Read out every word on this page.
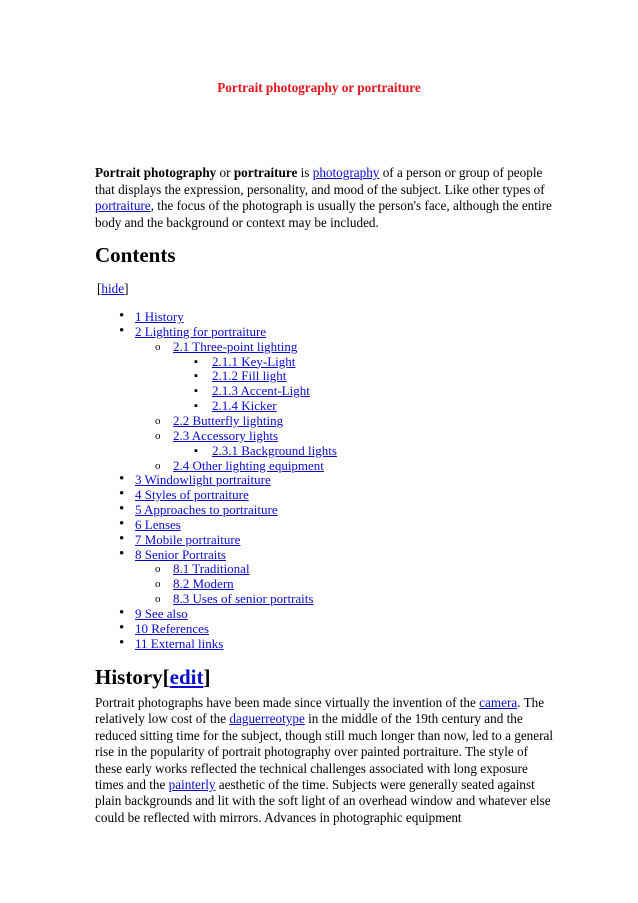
Portrait photography or portraiture

Portrait photography or portraiture is photography of a person or group of people that displays the expression, personality, and mood of the subject. Like other types of portraiture, the focus of the photograph is usually the person's face, although the entire body and the background or context may be included.

Contents
[hide]
• 1 History
• 2 Lighting for portraiture
o 2.1 Three-point lighting
▪ 2.1.1 Key-Light
▪ 2.1.2 Fill light
▪ 2.1.3 Accent-Light
▪ 2.1.4 Kicker
o 2.2 Butterfly lighting
o 2.3 Accessory lights
▪ 2.3.1 Background lights
o 2.4 Other lighting equipment
• 3 Windowlight portraiture
• 4 Styles of portraiture
• 5 Approaches to portraiture
• 6 Lenses
• 7 Mobile portraiture
• 8 Senior Portraits
o 8.1 Traditional
o 8.2 Modern
o 8.3 Uses of senior portraits
• 9 See also
• 10 References
• 11 External links
History[edit]

Portrait photographs have been made since virtually the invention of the camera. The relatively low cost of the daguerreotype in the middle of the 19th century and the reduced sitting time for the subject, though still much longer than now, led to a general rise in the popularity of portrait photography over painted portraiture. The style of these early works reflected the technical challenges associated with long exposure times and the painterly aesthetic of the time. Subjects were generally seated against plain backgrounds and lit with the soft light of an overhead window and whatever else could be reflected with mirrors. Advances in photographic equipment
